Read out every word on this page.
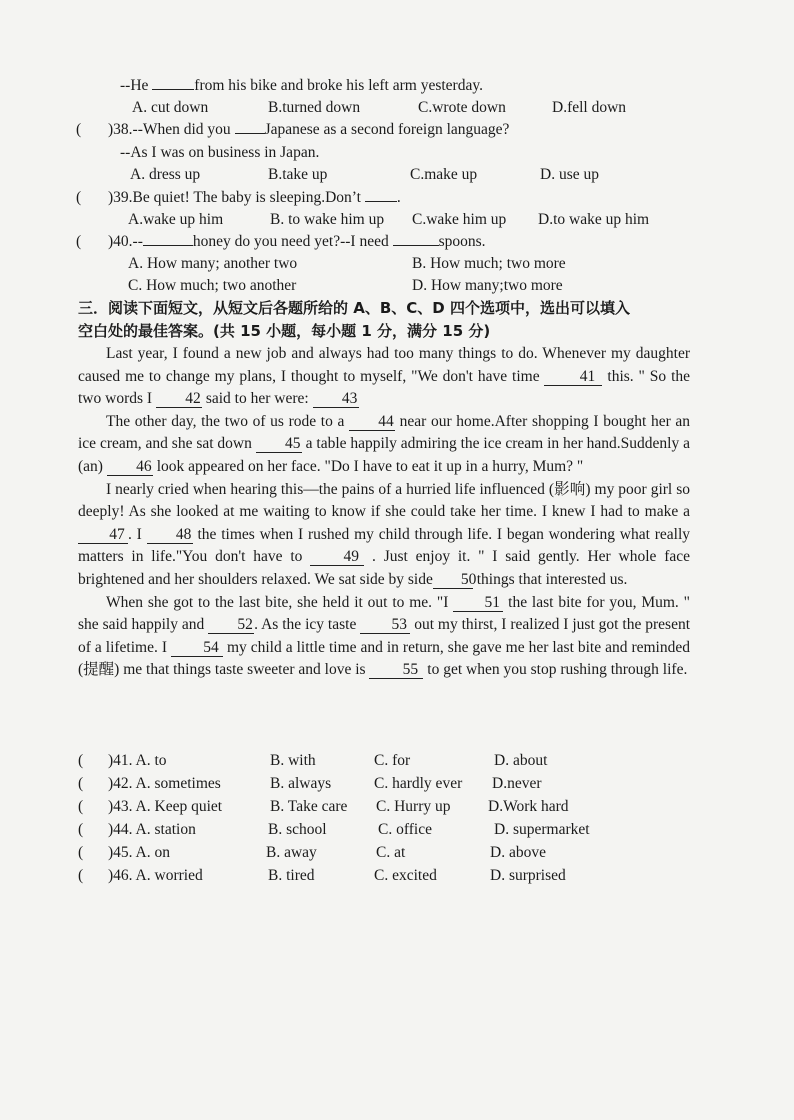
--He	from his bike and broke his left arm yesterday.
A. cut down	B.turned down	C.wrote down	D.fell down
( )38.--When did you Japanese as a second foreign language?
--As I was on business in Japan.
A. dress up	B.take up	C.make up	D. use up
( )39.Be quiet! The baby is sleeping.Don’t .
A.wake up him	B. to wake him up C.wake him up D.to wake up him
( )40.--	honey do you need yet?--I need	spoons.
A. How many; another two	B. How much; two more
C. How much; two another	D. How many;two more
三．阅读下面短文，从短文后各题所给的 A、B、C、D 四个选项中，选出可以填入
空白处的最佳答案。(共 15 小题，每小题 1 分，满分 15 分)

Last year, I found a new job and always had too many things to do. Whenever my daughter caused me to change my plans, I thought to myself, "We don't have time	41 this. " So the two words I 42 said to her were: 43

The other day, the two of us rode to a 44 near our home.After shopping I bought her an ice cream, and she sat down 45 a table happily admiring the ice cream in her hand.Suddenly a (an) 46 look appeared on her face. "Do I have to eat it up in a hurry, Mum? "

I nearly cried when hearing this—the pains of a hurried life influenced (影响) my poor girl so deeply! As she looked at me waiting to know if she could take her time. I knew I had to make a 47 . I 48 the times when I rushed my child through life. I began wondering what really matters in life."You don't have to	49 . Just enjoy it. " I said gently. Her whole face brightened and her shoulders relaxed. We sat side by side 50 things that interested us.

When she got to the last bite, she held it out to me. "I 51 the last bite for you, Mum. " she said happily and 52. As the icy taste 53 out my thirst, I realized I just got the present of a lifetime. I 54 my child a little time and in return, she gave me her last bite and reminded (提醒) me that things taste sweeter and love is 55 to get when you stop rushing through life.

( )41. A. to	B. with	C. for	D. about
( )42. A. sometimes	B. always	C. hardly ever D.never
( )43. A. Keep quiet	B. Take care C. Hurry up D.Work hard
( )44. A. station	B. school	C. office	D. supermarket
( )45. A. on	B. away	C. at	D. above
( )46. A. worried	B. tired	C. excited	D. surprised
